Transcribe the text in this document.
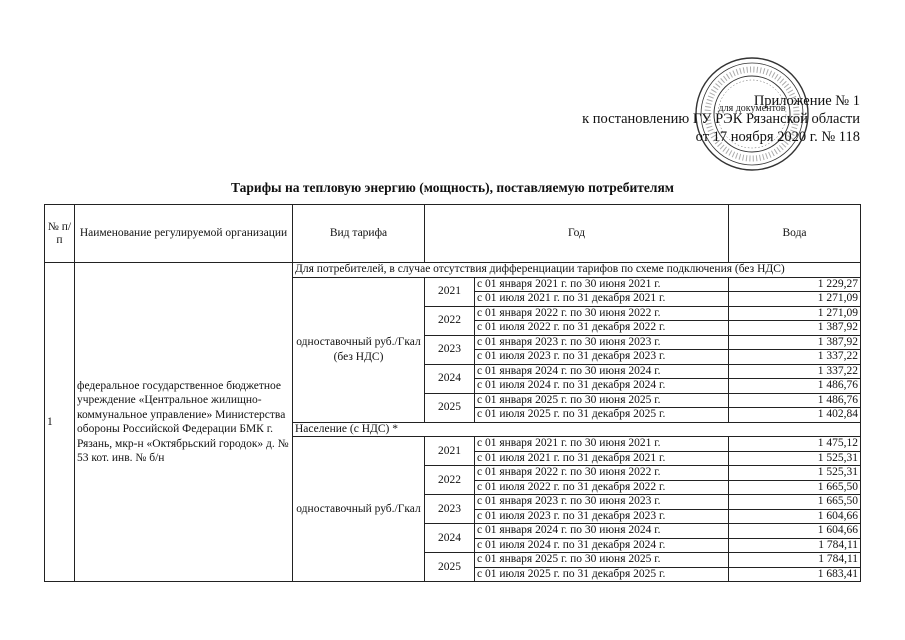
для документов
Приложение № 1
к постановлению ГУ РЭК Рязанской области
от 17 ноября 2020 г. № 118
Тарифы на тепловую энергию (мощность), поставляемую потребителям
№ п/п	Наименование регулируемой организации	Вид тарифа	Год		Вода
1	федеральное государственное бюджетное учреждение «Центральное жилищно-коммунальное управление» Министерства обороны Российской Федерации БМК г. Рязань, мкр-н «Октябрьский городок» д. № 53 кот. инв. № б/н	Для потребителей, в случае отсутствия дифференциации тарифов по схеме подключения (без НДС)			
		одноставочный руб./Гкал (без НДС)	2021	с 01 января 2021 г. по 30 июня 2021 г.	1 229,27
				с 01 июля 2021 г. по 31 декабря 2021 г.	1 271,09
			2022	с 01 января 2022 г. по 30 июня 2022 г.	1 271,09
				с 01 июля 2022 г. по 31 декабря 2022 г.	1 387,92
			2023	с 01 января 2023 г. по 30 июня 2023 г.	1 387,92
				с 01 июля 2023 г. по 31 декабря 2023 г.	1 337,22
			2024	с 01 января 2024 г. по 30 июня 2024 г.	1 337,22
				с 01 июля 2024 г. по 31 декабря 2024 г.	1 486,76
			2025	с 01 января 2025 г. по 30 июня 2025 г.	1 486,76
				с 01 июля 2025 г. по 31 декабря 2025 г.	1 402,84
		Население (с НДС) *			
		одноставочный руб./Гкал	2021	с 01 января 2021 г. по 30 июня 2021 г.	1 475,12
				с 01 июля 2021 г. по 31 декабря 2021 г.	1 525,31
			2022	с 01 января 2022 г. по 30 июня 2022 г.	1 525,31
				с 01 июля 2022 г. по 31 декабря 2022 г.	1 665,50
			2023	с 01 января 2023 г. по 30 июня 2023 г.	1 665,50
				с 01 июля 2023 г. по 31 декабря 2023 г.	1 604,66
			2024	с 01 января 2024 г. по 30 июня 2024 г.	1 604,66
				с 01 июля 2024 г. по 31 декабря 2024 г.	1 784,11
			2025	с 01 января 2025 г. по 30 июня 2025 г.	1 784,11
				с 01 июля 2025 г. по 31 декабря 2025 г.	1 683,41
